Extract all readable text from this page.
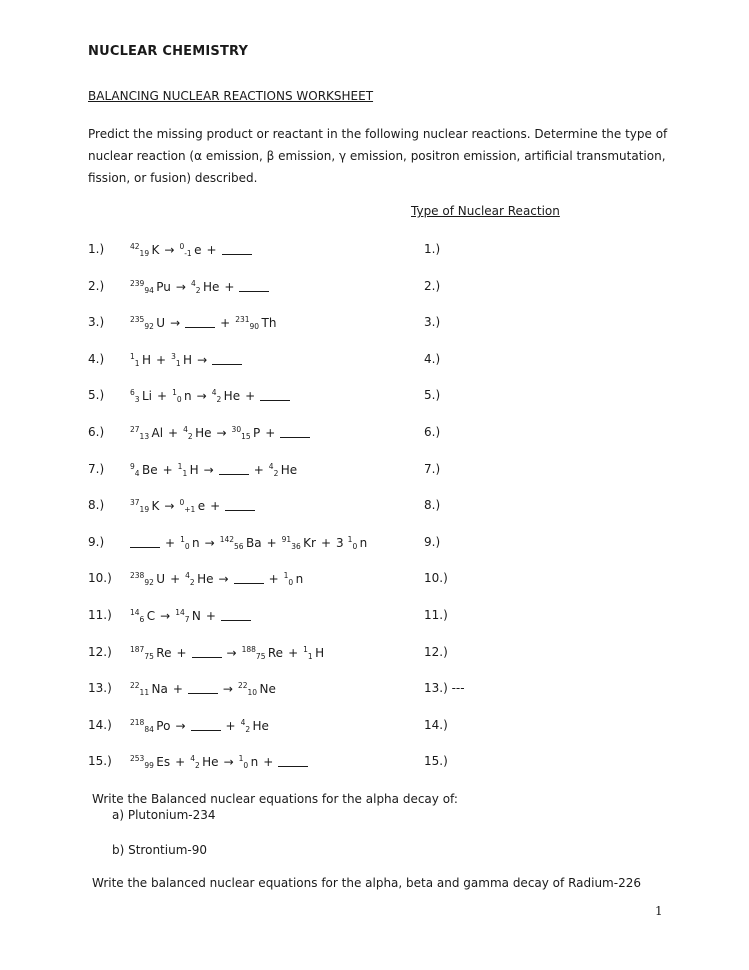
NUCLEAR CHEMISTRY
BALANCING NUCLEAR REACTIONS WORKSHEET
Predict the missing product or reactant in the following nuclear reactions. Determine the type of nuclear reaction (α emission, β emission, γ emission, positron emission, artificial transmutation, fission, or fusion) described.
Type of Nuclear Reaction
1.)	$^{42}_{19}$  K → $^0_{-1}$  e +	1.)
2.)	$^{239}_{94}$  Pu → $^4_2$  He +	2.)
3.)	$^{235}_{92}$  U →	+ $^{231}_{90}$  Th	3.)
4.)	$^1_1$  H + $^3_1$  H →	4.)
5.)	$^6_3$  Li + $^1_0$  n → $^4_2$  He +	5.)
6.)	$^{27}_{13}$  Al + $^4_2$  He → $^{30}_{15}$  P +	6.)
7.)	$^9_4$  Be + $^1_1$  H →	+ $^4_2$  He	7.)
8.)	$^{37}_{19}$  K → $^0_{+1}$  e +	8.)
9.)	+ $^1_0$  n → $^{142}_{56}$  Ba + $^{91}_{36}$  Kr + 3 $^1_0$  n	9.)
10.) $^{238}_{92}$  U + $^4_2$  He →	+ $^1_0$  n	10.)
11.) $^{14}_6$  C → $^{14}_7$  N +	11.)
12.) $^{187}_{75}$  Re +	→ $^{188}_{75}$  Re + $^1_1$  H	12.)
13.) $^{22}_{11}$  Na +	→ $^{22}_{10}$  Ne	13.) ---
14.) $^{218}_{84}$  Po →	+ $^4_2$  He	14.)
15.) $^{253}_{99}$  Es + $^4_2$  He → $^1_0$  n +	15.)
Write the Balanced nuclear equations for the alpha decay of:
a) Plutonium-234
b) Strontium-90
Write the balanced nuclear equations for the alpha, beta and gamma decay of Radium-226
1
